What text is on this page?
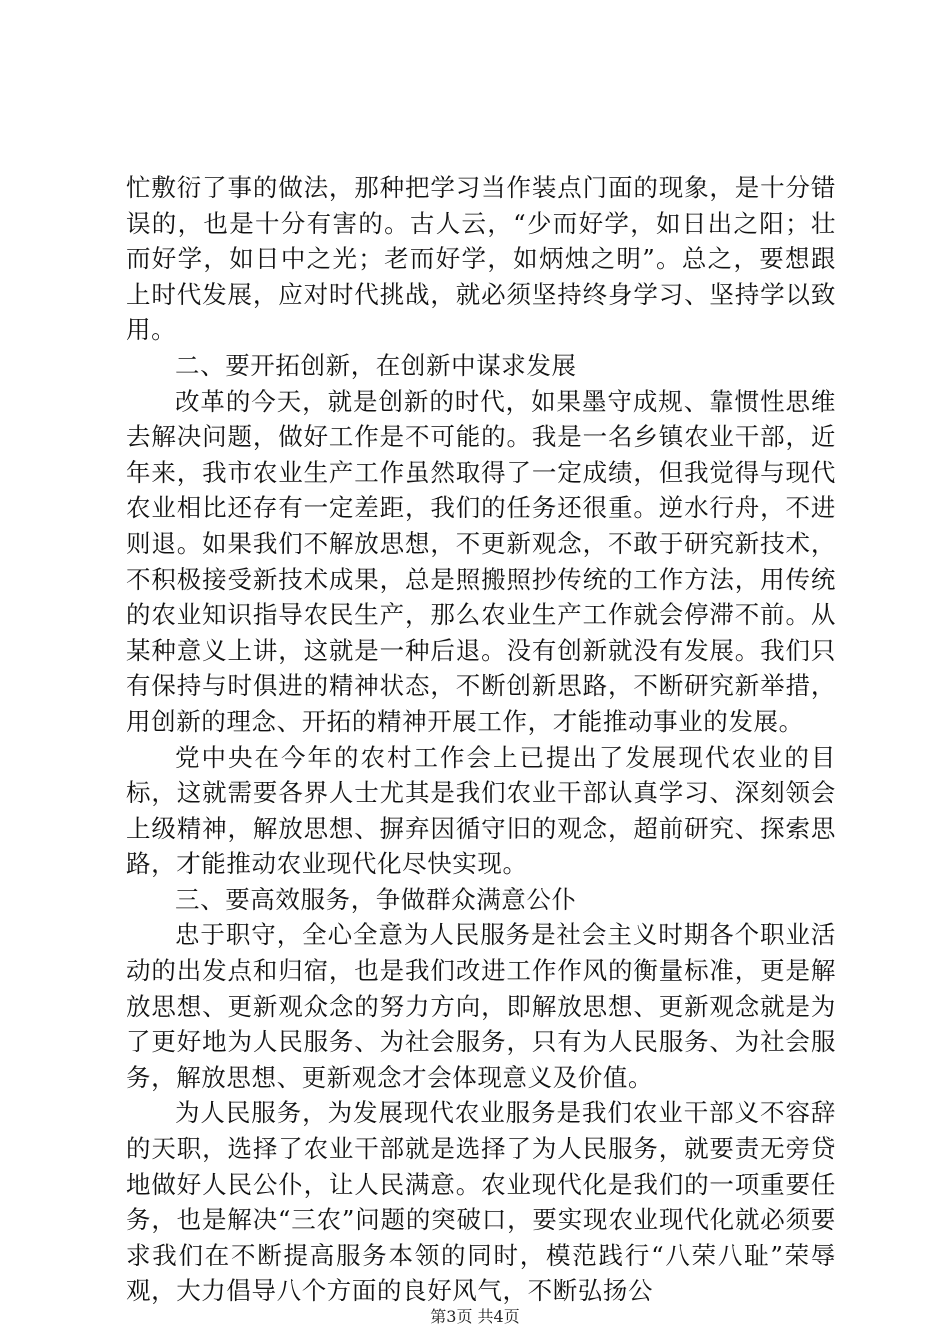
忙敷衍了事的做法，那种把学习当作装点门面的现象，是十分错误的，也是十分有害的。古人云，“少而好学，如日出之阳；壮而好学，如日中之光；老而好学，如炳烛之明”。总之，要想跟上时代发展，应对时代挑战，就必须坚持终身学习、坚持学以致用。

二、要开拓创新，在创新中谋求发展

改革的今天，就是创新的时代，如果墨守成规、靠惯性思维去解决问题，做好工作是不可能的。我是一名乡镇农业干部，近年来，我市农业生产工作虽然取得了一定成绩，但我觉得与现代农业相比还存有一定差距，我们的任务还很重。逆水行舟，不进则退。如果我们不解放思想，不更新观念，不敢于研究新技术，不积极接受新技术成果，总是照搬照抄传统的工作方法，用传统的农业知识指导农民生产，那么农业生产工作就会停滞不前。从某种意义上讲，这就是一种后退。没有创新就没有发展。我们只有保持与时俱进的精神状态，不断创新思路，不断研究新举措，用创新的理念、开拓的精神开展工作，才能推动事业的发展。

党中央在今年的农村工作会上已提出了发展现代农业的目标，这就需要各界人士尤其是我们农业干部认真学习、深刻领会上级精神，解放思想、摒弃因循守旧的观念，超前研究、探索思路，才能推动农业现代化尽快实现。

三、要高效服务，争做群众满意公仆

忠于职守，全心全意为人民服务是社会主义时期各个职业活动的出发点和归宿，也是我们改进工作作风的衡量标准，更是解放思想、更新观众念的努力方向，即解放思想、更新观念就是为了更好地为人民服务、为社会服务，只有为人民服务、为社会服务，解放思想、更新观念才会体现意义及价值。

为人民服务，为发展现代农业服务是我们农业干部义不容辞的天职，选择了农业干部就是选择了为人民服务，就要责无旁贷地做好人民公仆，让人民满意。农业现代化是我们的一项重要任务，也是解决“三农”问题的突破口，要实现农业现代化就必须要求我们在不断提高服务本领的同时，模范践行“八荣八耻”荣辱观，大力倡导八个方面的良好风气，不断弘扬公

第3页 共4页
